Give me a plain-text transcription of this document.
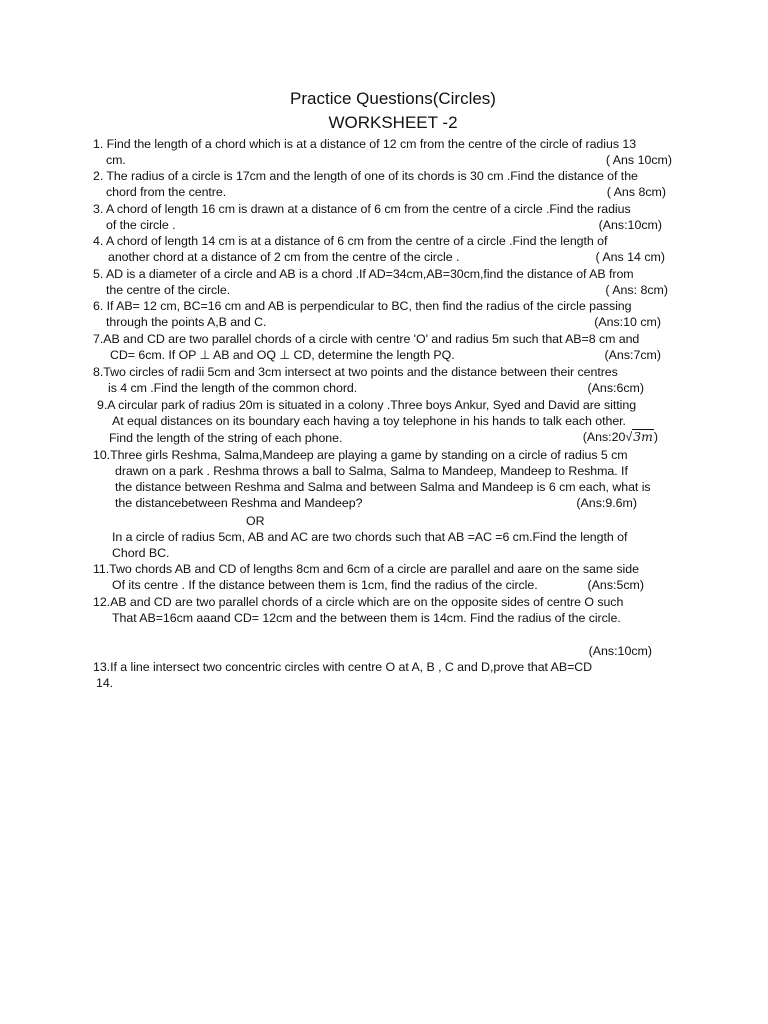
Practice Questions(Circles)
WORKSHEET -2
1. Find the length of a chord which is at a distance of 12 cm from the centre of the circle of radius 13
cm.	( Ans 10cm)
2. The radius of a circle is 17cm and the length of one of its chords is 30 cm .Find the distance of the
chord from the centre.	( Ans 8cm)
3. A chord of length 16 cm is drawn at a distance of 6 cm from the centre of a circle .Find the radius
of the circle .	(Ans:10cm)
4. A chord of length 14 cm is at a distance of 6 cm from the centre of a circle .Find the length of
another chord at a distance of 2 cm from the centre of the circle .	( Ans 14 cm)
5. AD is a diameter of a circle and AB is a chord .If AD=34cm,AB=30cm,find the distance of AB from
the centre of the circle.	( Ans: 8cm)
6. If AB= 12 cm, BC=16 cm and AB is perpendicular to BC, then find the radius of the circle passing
through the points A,B and C.	(Ans:10 cm)
7.AB and CD are two parallel chords of a circle with centre 'O' and radius 5m such that AB=8 cm and
CD= 6cm. If OP ⊥ AB and OQ ⊥ CD, determine the length PQ.	(Ans:7cm)
8.Two circles of radii 5cm and 3cm intersect at two points and the distance between their centres
is 4 cm .Find the length of the common chord.	(Ans:6cm)
9.A circular park of radius 20m is situated in a colony .Three boys Ankur, Syed and David are sitting
At equal distances on its boundary each having a toy telephone in his hands to talk each other.
Find the length of the string of each phone.	(Ans:20√3m)
10.Three girls Reshma, Salma,Mandeep are playing a game by standing on a circle of radius 5 cm
drawn on a park . Reshma throws a ball to Salma, Salma to Mandeep, Mandeep to Reshma. If
the distance between Reshma and Salma and between Salma and Mandeep is 6 cm each, what is
the distancebetween Reshma and Mandeep?	(Ans:9.6m)
OR
In a circle of radius 5cm, AB and AC are two chords such that AB =AC =6 cm.Find the length of
Chord BC.
11.Two chords AB and CD of lengths 8cm and 6cm of a circle are parallel and aare on the same side
Of its centre . If the distance between them is 1cm, find the radius of the circle.	(Ans:5cm)
12.AB and CD are two parallel chords of a circle which are on the opposite sides of centre O such
That AB=16cm aaand CD= 12cm and the between them is 14cm. Find the radius of the circle.
(Ans:10cm)
13.If a line intersect two concentric circles with centre O at A, B , C and D,prove that AB=CD
14.
